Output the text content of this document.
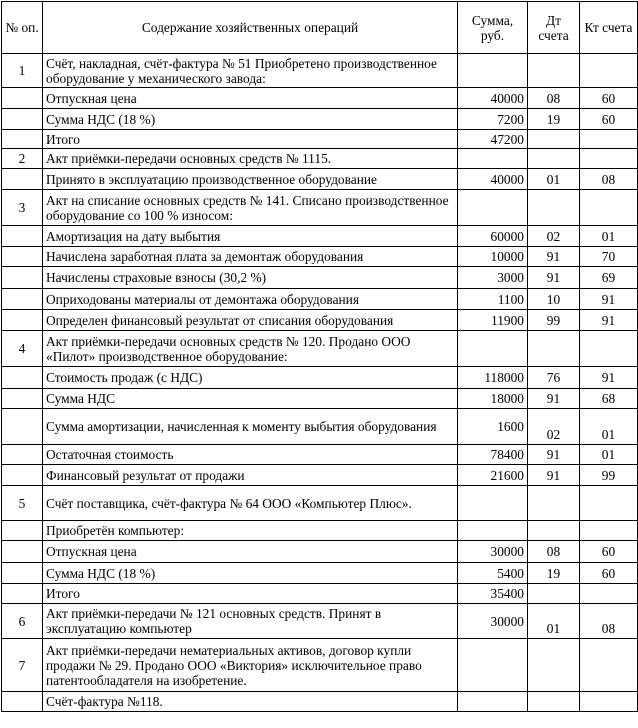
№ оп.	Содержание хозяйственных операций	Сумма, руб.	Дт счета	Кт счета
1	Счёт, накладная, счёт-фактура № 51 Приобретено производственное оборудование у механического завода:			
	Отпускная цена	40000	08	60
	Сумма НДС (18 %)	7200	19	60
	Итого	47200		
2	Акт приёмки-передачи основных средств № 1115.			
	Принято в эксплуатацию производственное оборудование	40000	01	08
3	Акт на списание основных средств № 141. Списано производственное оборудование со 100 % износом:			
	Амортизация на дату выбытия	60000	02	01
	Начислена заработная плата за демонтаж оборудования	10000	91	70
	Начислены страховые взносы (30,2 %)	3000	91	69
	Оприходованы материалы от демонтажа оборудования	1100	10	91
	Определен финансовый результат от списания оборудования	11900	99	91
4	Акт приёмки-передачи основных средств № 120. Продано ООО «Пилот» производственное оборудование:			
	Стоимость продаж (с НДС)	118000	76	91
	Сумма НДС	18000	91	68
	Сумма амортизации, начисленная к моменту выбытия оборудования	1600	02	01
	Остаточная стоимость	78400	91	01
	Финансовый результат от продажи	21600	91	99
5	Счёт поставщика, счёт-фактура № 64 ООО «Компьютер Плюс».			
	Приобретён компьютер:			
	Отпускная цена	30000	08	60
	Сумма НДС (18 %)	5400	19	60
	Итого	35400		
6	Акт приёмки-передачи № 121 основных средств. Принят в эксплуатацию компьютер	30000	01	08
7	Акт приёмки-передачи нематериальных активов, договор купли продажи № 29. Продано ООО «Виктория» исключительное право патентообладателя на изобретение.			
	Счёт-фактура №118.			
